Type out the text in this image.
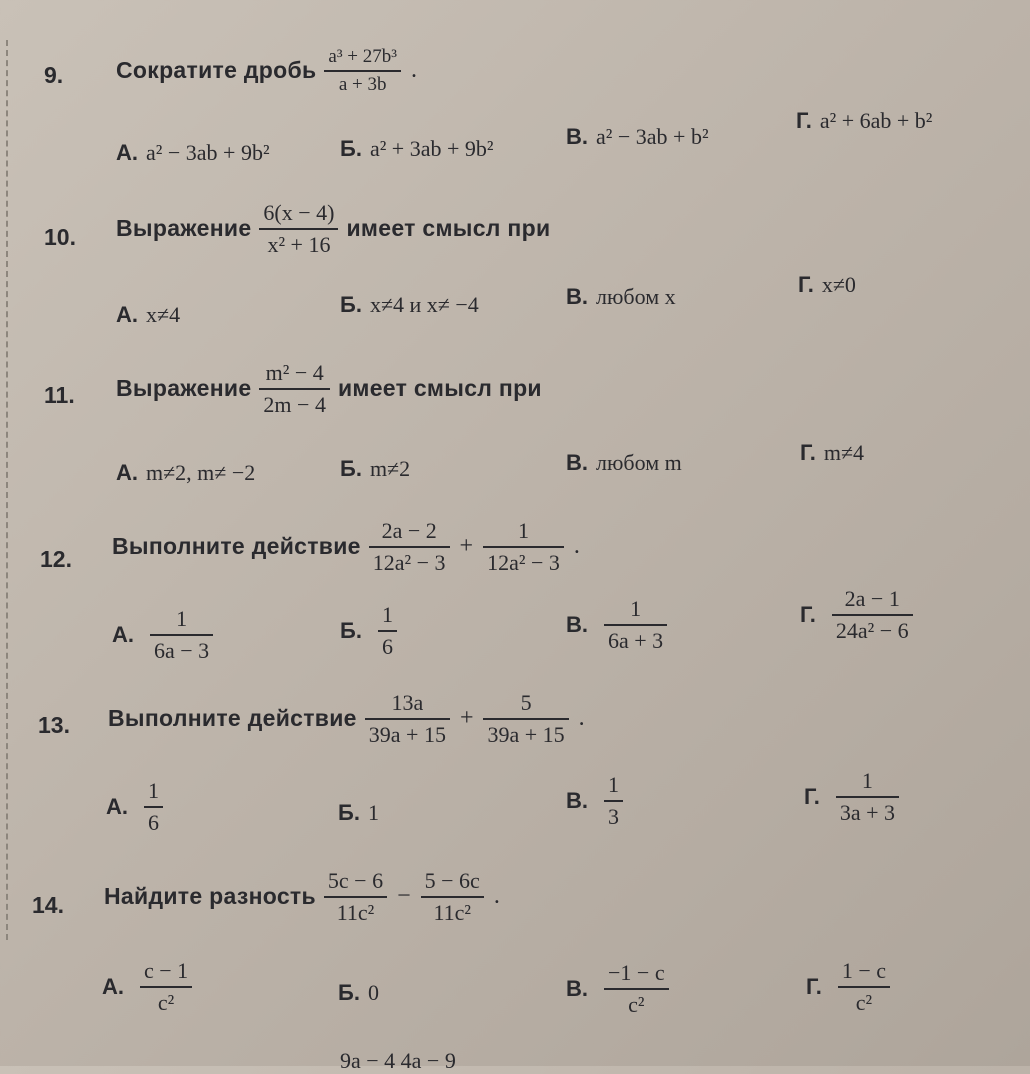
9. Сократите дробь $\frac{\text{a³ + 27b³}}{a + 3b}$ .
А. a² − 3ab + 9b²	Б. a² + 3ab + 9b²	В. a² − 3ab + b²
Г. a² + 6ab + b²
10. Выражение $\frac{6(x - 4)}{\text{x² + 16}}$ имеет смысл при
А. x≠4	Б. x≠4 и x≠ −4	В. любом x	Г. x≠0
11. Выражение $\frac{\text{m² − 4}}{2m - 4}$ имеет смысл при
А. m≠2, m≠ −2	Б. m≠2	В. любом m	Г. m≠4
12. Выполните действие $\frac{2a - 2}{\text{12a² − 3}} + \frac{1}{\text{12a² − 3}}$ .
А. $\frac{1}{6a - 3}$	Б. $\frac{1}{6}$	В. $\frac{1}{6a + 3}$	Г. $\frac{2a - 1}{\text{24a² − 6}}$
13. Выполните действие $\frac{13a}{39a + 15} + \frac{5}{39a + 15}$ .
А. $\frac{1}{6}$	Б. 1	В. $\frac{1}{3}$	Г. $\frac{1}{3a + 3}$
14. Найдите разность $\frac{5c - 6}{\text{11c²}} - \frac{5 - 6c}{\text{11c²}}$ .
А. $\frac{c - 1}{\text{c²}}$	Б. 0	В. $\frac{-1 - c}{\text{c²}}$	Г. $\frac{1 - c}{\text{c²}}$
9a − 4 4a − 9
